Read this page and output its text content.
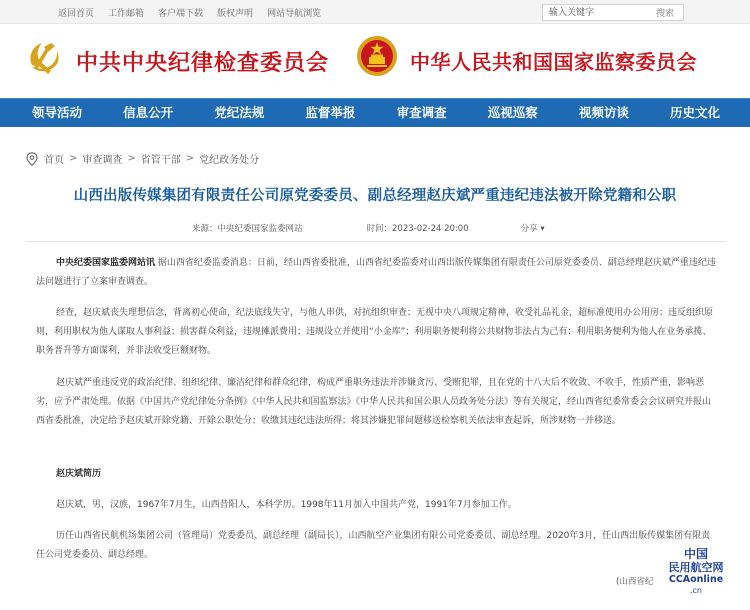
返回首页 工作邮箱 客户端下载 版权声明 网站导航浏览
输入关键字	搜索
中共中央纪律检查委员会	中华人民共和国国家监察委员会
领导活动	信息公开	党纪法规	监督举报	审查调查	巡视巡察	视频访谈	历史文化
首页 > 审查调查 > 省管干部 > 党纪政务处分
山西出版传媒集团有限责任公司原党委委员、副总经理赵庆斌严重违纪违法被开除党籍和公职
来源：中央纪委国家监委网站	时间：2023-02-24 20:00	分享 ▾
中央纪委国家监委网站讯 据山西省纪委监委消息：日前，经山西省委批准，山西省纪委监委对山西出版传媒集团有限责任公司原党委委员、副总经理赵庆斌严重违纪违法问题进行了立案审查调查。
经查，赵庆斌丧失理想信念，背离初心使命，纪法底线失守，与他人串供，对抗组织审查；无视中央八项规定精神，收受礼品礼金，超标准使用办公用房；违反组织原则，利用职权为他人谋取人事利益；损害群众利益，违规摊派费用；违规设立并使用“小金库”；利用职务便利将公共财物非法占为己有；利用职务便利为他人在业务承揽、职务晋升等方面谋利，并非法收受巨额财物。
赵庆斌严重违反党的政治纪律、组织纪律、廉洁纪律和群众纪律，构成严重职务违法并涉嫌贪污、受贿犯罪，且在党的十八大后不收敛、不收手，性质严重，影响恶劣，应予严肃处理。依据《中国共产党纪律处分条例》《中华人民共和国监察法》《中华人民共和国公职人员政务处分法》等有关规定，经山西省纪委常委会会议研究并报山西省委批准，决定给予赵庆斌开除党籍、开除公职处分；收缴其违纪违法所得；将其涉嫌犯罪问题移送检察机关依法审查起诉，所涉财物一并移送。
赵庆斌简历
赵庆斌，男，汉族，1967年7月生，山西昔阳人，本科学历。1998年11月加入中国共产党，1991年7月参加工作。
历任山西省民航机场集团公司（管理局）党委委员、副总经理（副局长），山西航空产业集团有限公司党委委员、副总经理。2020年3月，任山西出版传媒集团有限责任公司党委委员、副总经理。
(山西省纪
中国
民用航空网
CCAonline
.cn
